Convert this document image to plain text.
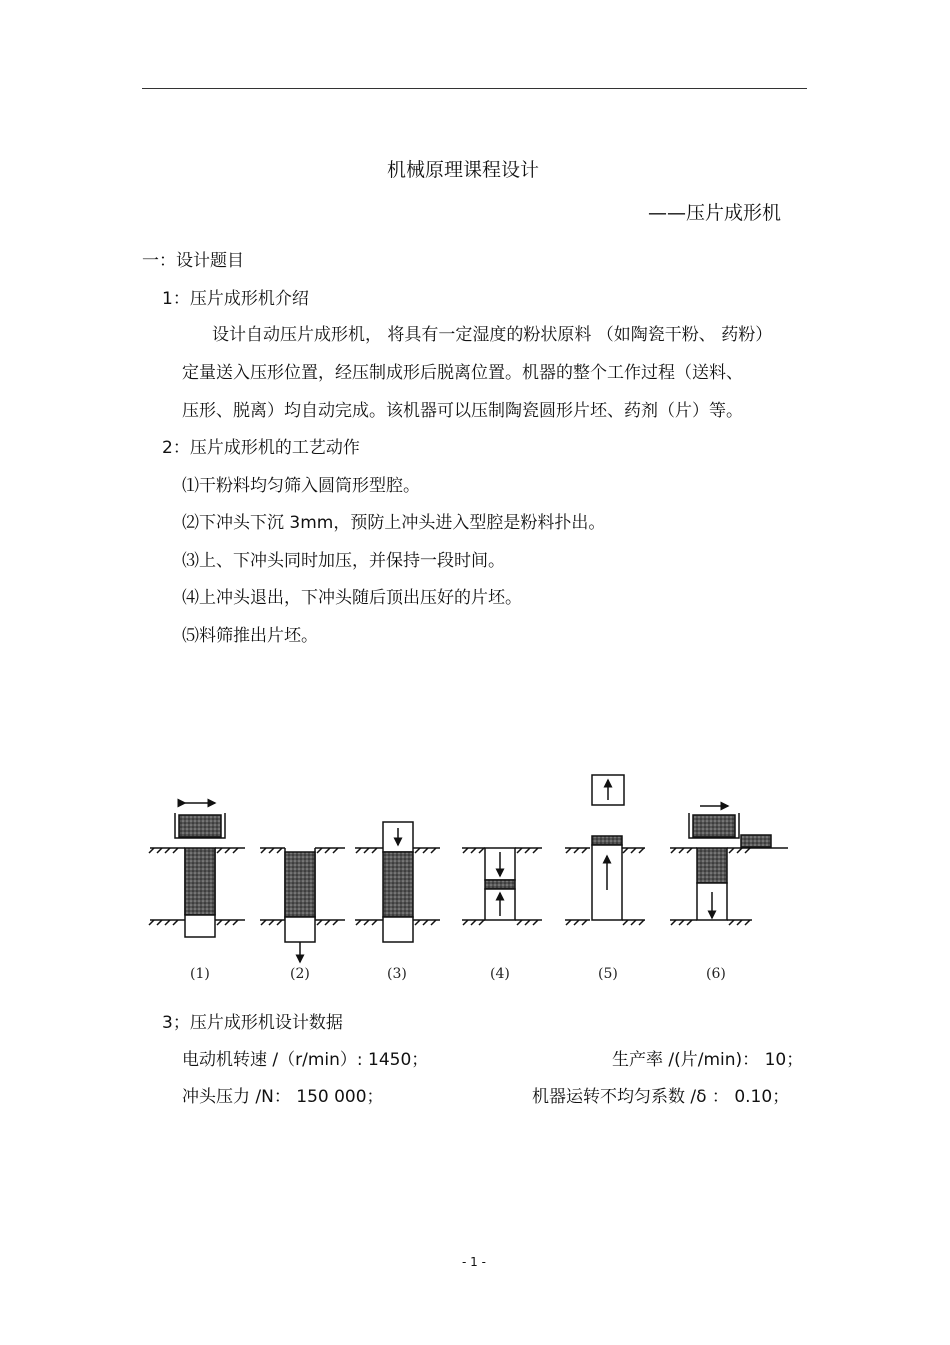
机械原理课程设计
——压片成形机
一：设计题目
1：压片成形机介绍
设计自动压片成形机， 将具有一定湿度的粉状原料 （如陶瓷干粉、 药粉）
定量送入压形位置，经压制成形后脱离位置。机器的整个工作过程（送料、
压形、脱离）均自动完成。该机器可以压制陶瓷圆形片坯、药剂（片）等。
2：压片成形机的工艺动作
⑴干粉料均匀筛入圆筒形型腔。
⑵下冲头下沉 3mm，预防上冲头进入型腔是粉料扑出。
⑶上、下冲头同时加压，并保持一段时间。
⑷上冲头退出，下冲头随后顶出压好的片坯。
⑸料筛推出片坯。
(1)	(2)	(3)	(4)	(5)	(6)
3；压片成形机设计数据
电动机转速 /（r/min）: 1450；	生产率 /(片/min)： 10；
冲头压力 /N： 150 000；	机器运转不均匀系数 /δ ： 0.10；
- 1 -
